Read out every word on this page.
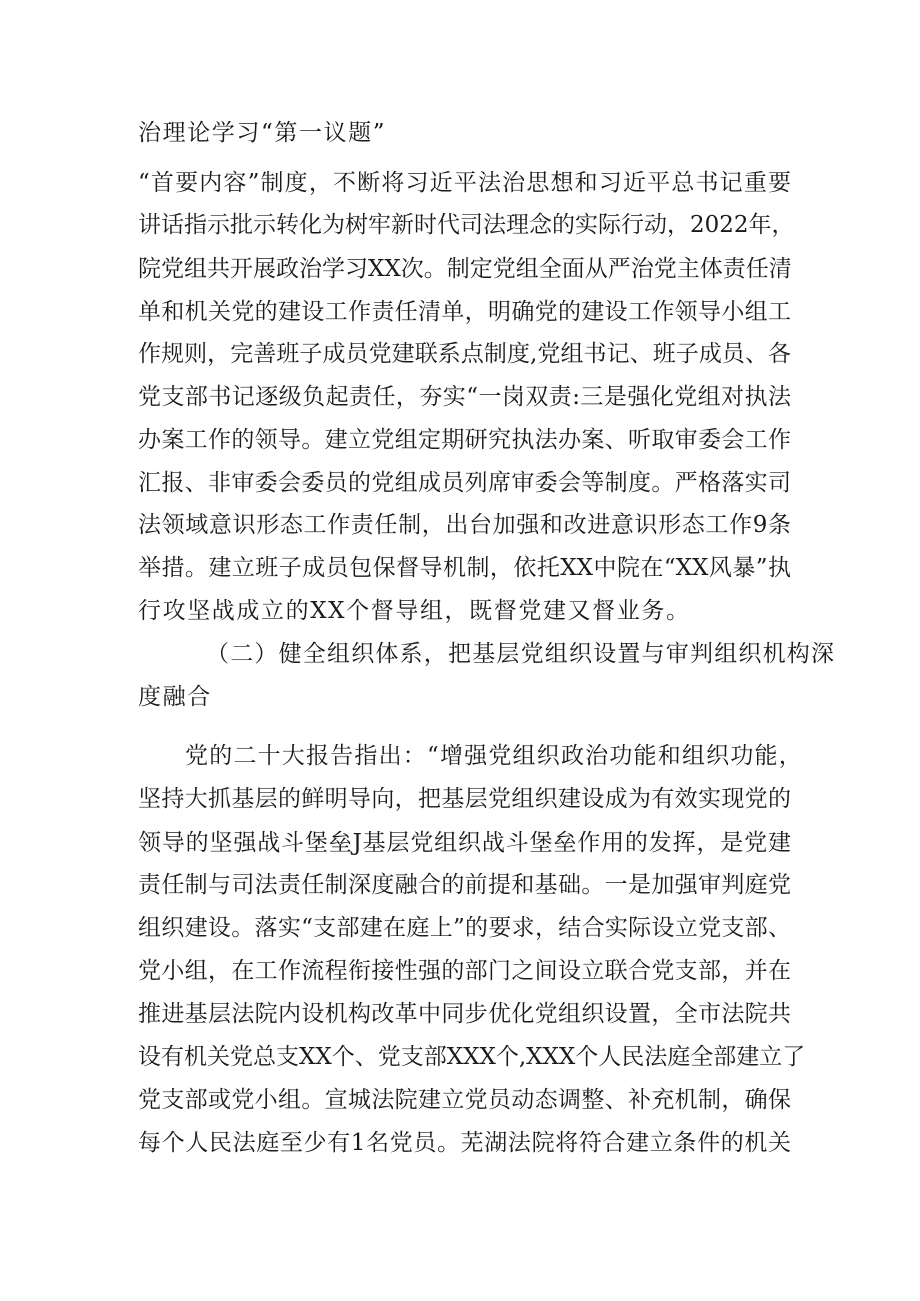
治理论学习“第一议题”
“首要内容”制度，不断将习近平法治思想和习近平总书记重要
讲话指示批示转化为树牢新时代司法理念的实际行动，2022年，
院党组共开展政治学习XX次。制定党组全面从严治党主体责任清
单和机关党的建设工作责任清单，明确党的建设工作领导小组工
作规则，完善班子成员党建联系点制度,党组书记、班子成员、各
党支部书记逐级负起责任，夯实“一岗双责:三是强化党组对执法
办案工作的领导。建立党组定期研究执法办案、听取审委会工作
汇报、非审委会委员的党组成员列席审委会等制度。严格落实司
法领域意识形态工作责任制，出台加强和改进意识形态工作9条
举措。建立班子成员包保督导机制，依托XX中院在“XX风暴”执
行攻坚战成立的XX个督导组，既督党建又督业务。
（二）健全组织体系，把基层党组织设置与审判组织机构深
度融合
党的二十大报告指出：“增强党组织政治功能和组织功能，
坚持大抓基层的鲜明导向，把基层党组织建设成为有效实现党的
领导的坚强战斗堡垒J基层党组织战斗堡垒作用的发挥，是党建
责任制与司法责任制深度融合的前提和基础。一是加强审判庭党
组织建设。落实“支部建在庭上”的要求，结合实际设立党支部、
党小组，在工作流程衔接性强的部门之间设立联合党支部，并在
推进基层法院内设机构改革中同步优化党组织设置，全市法院共
设有机关党总支XX个、党支部XXX个,XXX个人民法庭全部建立了
党支部或党小组。宣城法院建立党员动态调整、补充机制，确保
每个人民法庭至少有1名党员。芜湖法院将符合建立条件的机关
